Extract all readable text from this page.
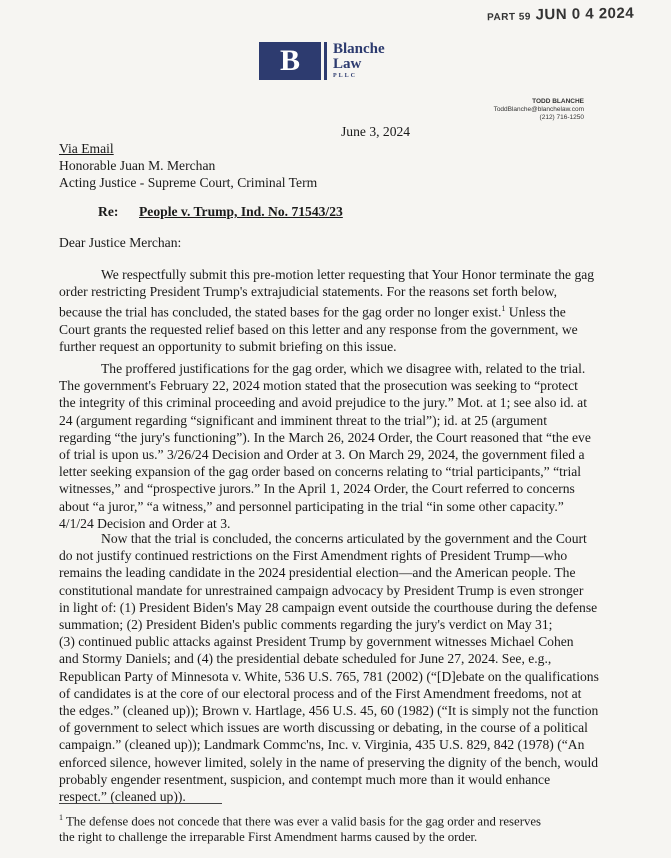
PART 59 JUN 0 4 2024
B	Blanche
Law
PLLC
TODD BLANCHE
ToddBlanche@blanchelaw.com
(212) 716-1250
June 3, 2024
Via Email
Honorable Juan M. Merchan
Acting Justice - Supreme Court, Criminal Term
Re: People v. Trump, Ind. No. 71543/23
Dear Justice Merchan:
We respectfully submit this pre-motion letter requesting that Your Honor terminate the gag
order restricting President Trump's extrajudicial statements. For the reasons set forth below,
because the trial has concluded, the stated bases for the gag order no longer exist.$^1$ Unless the
Court grants the requested relief based on this letter and any response from the government, we
further request an opportunity to submit briefing on this issue.
The proffered justifications for the gag order, which we disagree with, related to the trial.
The government's February 22, 2024 motion stated that the prosecution was seeking to “protect
the integrity of this criminal proceeding and avoid prejudice to the jury.” Mot. at 1; see also id. at
24 (argument regarding “significant and imminent threat to the trial”); id. at 25 (argument
regarding “the jury's functioning”). In the March 26, 2024 Order, the Court reasoned that “the eve
of trial is upon us.” 3/26/24 Decision and Order at 3. On March 29, 2024, the government filed a
letter seeking expansion of the gag order based on concerns relating to “trial participants,” “trial
witnesses,” and “prospective jurors.” In the April 1, 2024 Order, the Court referred to concerns
about “a juror,” “a witness,” and personnel participating in the trial “in some other capacity.”
4/1/24 Decision and Order at 3.
Now that the trial is concluded, the concerns articulated by the government and the Court
do not justify continued restrictions on the First Amendment rights of President Trump—who
remains the leading candidate in the 2024 presidential election—and the American people. The
constitutional mandate for unrestrained campaign advocacy by President Trump is even stronger
in light of: (1) President Biden's May 28 campaign event outside the courthouse during the defense
summation; (2) President Biden's public comments regarding the jury's verdict on May 31;
(3) continued public attacks against President Trump by government witnesses Michael Cohen
and Stormy Daniels; and (4) the presidential debate scheduled for June 27, 2024. See, e.g.,
Republican Party of Minnesota v. White, 536 U.S. 765, 781 (2002) (“[D]ebate on the qualifications
of candidates is at the core of our electoral process and of the First Amendment freedoms, not at
the edges.” (cleaned up)); Brown v. Hartlage, 456 U.S. 45, 60 (1982) (“It is simply not the function
of government to select which issues are worth discussing or debating, in the course of a political
campaign.” (cleaned up)); Landmark Commc'ns, Inc. v. Virginia, 435 U.S. 829, 842 (1978) (“An
enforced silence, however limited, solely in the name of preserving the dignity of the bench, would
probably engender resentment, suspicion, and contempt much more than it would enhance
respect.” (cleaned up)).
$^1$ The defense does not concede that there was ever a valid basis for the gag order and reserves
the right to challenge the irreparable First Amendment harms caused by the order.
